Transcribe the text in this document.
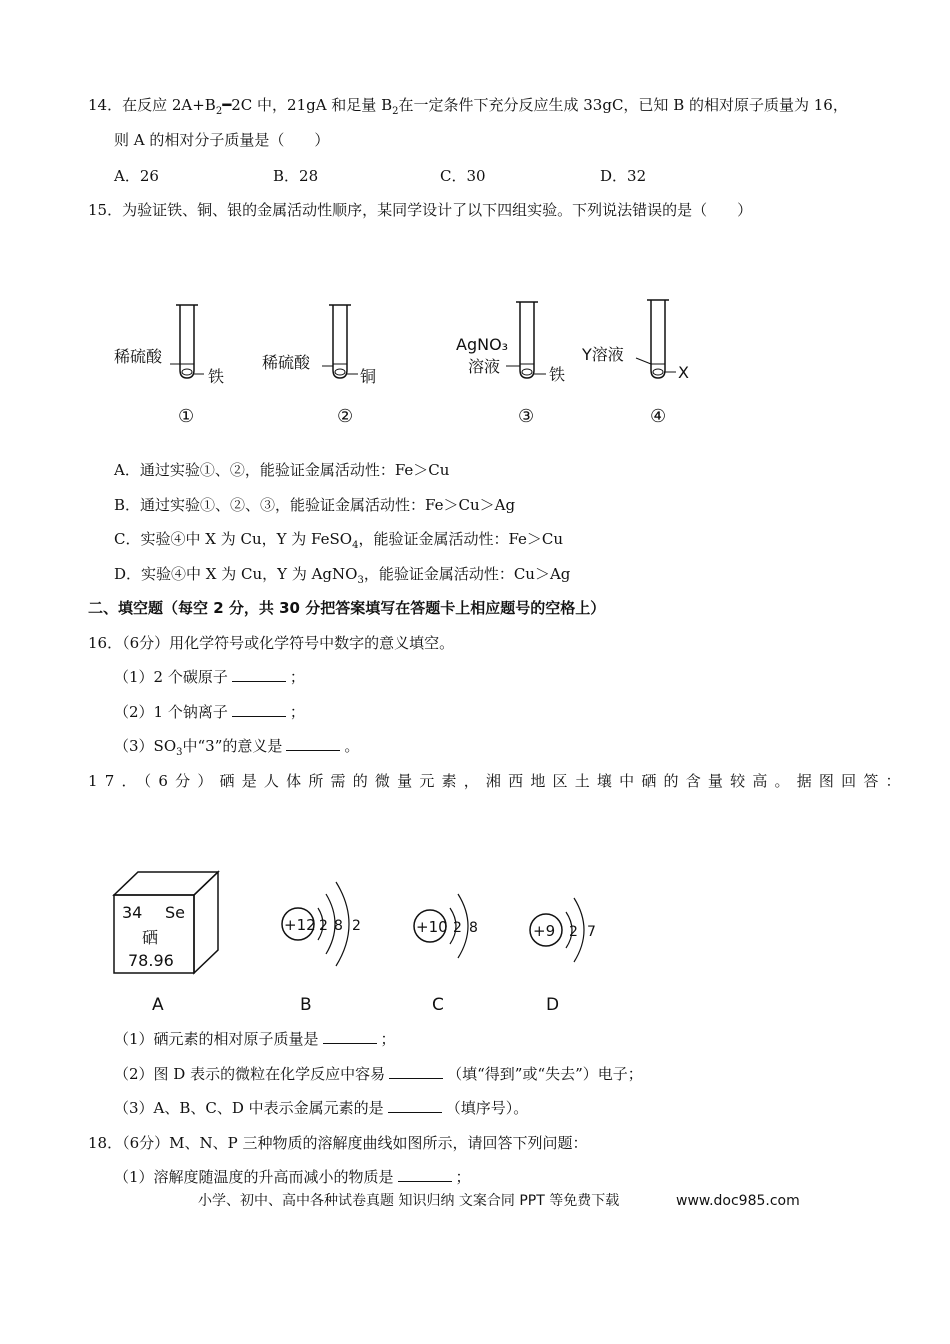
14．在反应 $2A+B_2━2C$ 中，21gA 和足量 $B_2$在一定条件下充分反应生成 33gC，已知 B 的相对原子质量为 16，
则 A 的相对分子质量是（　　）
A．26	B．28	C．30	D．32
15．为验证铁、铜、银的金属活动性顺序，某同学设计了以下四组实验。下列说法错误的是（　　）
稀硫酸
铁
①
稀硫酸
铜
②
AgNO₃
溶液	铁
③
Y溶液
X
④
A．通过实验①、②，能验证金属活动性：Fe＞Cu
B．通过实验①、②、③，能验证金属活动性：Fe＞Cu＞Ag
C．实验④中 X 为 Cu，Y 为 FeSO$_4$，能验证金属活动性：Fe＞Cu
D．实验④中 X 为 Cu，Y 为 AgNO$_3$，能验证金属活动性：Cu＞Ag
二、填空题（每空 2 分，共 30 分把答案填写在答题卡上相应题号的空格上）
16．（6分）用化学符号或化学符号中数字的意义填空。
（1）2 个碳原子	；
（2）1 个钠离子	；
$(3)SO_3$中“3”的意义是	。
17．（6分）硒是人体所需的微量元素，湘西地区土壤中硒的含量较高。据图回答：
34 Se
硒
78.96
A
+12 2 8 2
B
+10 2 8
C
+9 2 7
D
（1）硒元素的相对原子质量是	；
（2）图 D 表示的微粒在化学反应中容易	（填“得到”或“失去”）电子；
（3）A、B、C、D 中表示金属元素的是	（填序号）。
18．（6分）M、N、P 三种物质的溶解度曲线如图所示，请回答下列问题：
（1）溶解度随温度的升高而减小的物质是	；
小学、初中、高中各种试卷真题 知识归纳 文案合同 PPT 等免费下载	www.doc985.com
